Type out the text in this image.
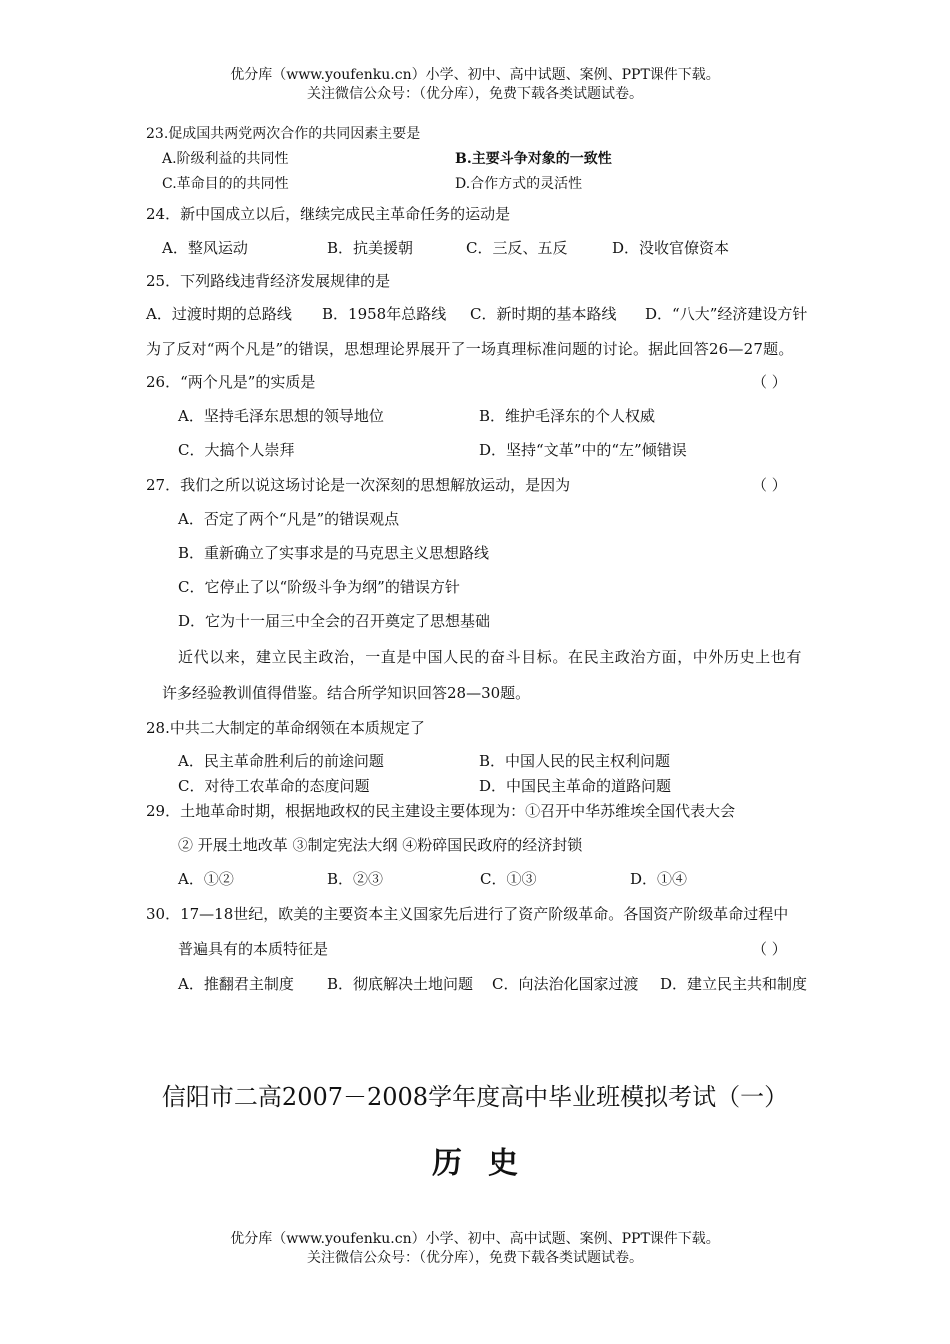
优分库（www.youfenku.cn）小学、初中、高中试题、案例、PPT课件下载。
关注微信公众号：（优分库），免费下载各类试题试卷。
23.促成国共两党两次合作的共同因素主要是
A.阶级利益的共同性	B.主要斗争对象的一致性
C.革命目的的共同性	D.合作方式的灵活性
24．新中国成立以后，继续完成民主革命任务的运动是
A．整风运动	B．抗美援朝	C．三反、五反	D．没收官僚资本
25．下列路线违背经济发展规律的是
A．过渡时期的总路线 B．1958年总路线 C．新时期的基本路线 D．“八大”经济建设方针
为了反对“两个凡是”的错误，思想理论界展开了一场真理标准问题的讨论。据此回答26—27题。
26．“两个凡是”的实质是	（ ）
A．坚持毛泽东思想的领导地位	B．维护毛泽东的个人权威
C．大搞个人崇拜	D．坚持“文革”中的“左”倾错误
27．我们之所以说这场讨论是一次深刻的思想解放运动，是因为	（ ）
A．否定了两个“凡是”的错误观点
B．重新确立了实事求是的马克思主义思想路线
C．它停止了以“阶级斗争为纲”的错误方针
D．它为十一届三中全会的召开奠定了思想基础
近代以来，建立民主政治，一直是中国人民的奋斗目标。在民主政治方面，中外历史上也有
许多经验教训值得借鉴。结合所学知识回答28—30题。
28.中共二大制定的革命纲领在本质规定了
A．民主革命胜利后的前途问题	B．中国人民的民主权利问题
C．对待工农革命的态度问题	D．中国民主革命的道路问题
29．土地革命时期，根据地政权的民主建设主要体现为：①召开中华苏维埃全国代表大会
② 开展土地改革 ③制定宪法大纲 ④粉碎国民政府的经济封锁
A．①②	B．②③	C．①③	D．①④
30．17—18世纪，欧美的主要资本主义国家先后进行了资产阶级革命。各国资产阶级革命过程中
普遍具有的本质特征是	（ ）
A．推翻君主制度 B．彻底解决土地问题 C．向法治化国家过渡 D．建立民主共和制度
信阳市二高2007－2008学年度高中毕业班模拟考试（一）
历史
优分库（www.youfenku.cn）小学、初中、高中试题、案例、PPT课件下载。
关注微信公众号：（优分库），免费下载各类试题试卷。
